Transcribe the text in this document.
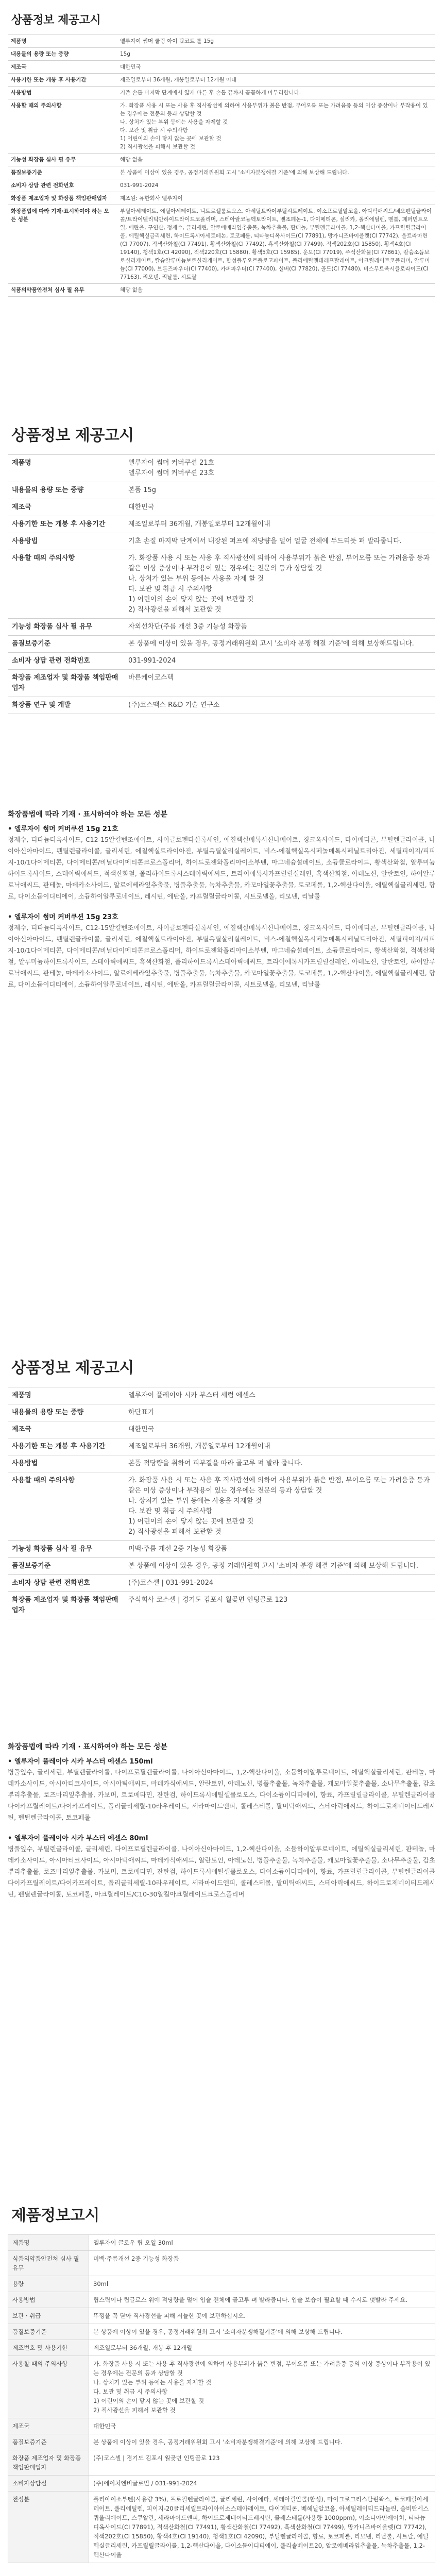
상품정보 제공고시
제품명	엘루자이 썸머 쿨링 아이 탑코트 롤 15g
내용물의 용량 또는 중량	15g
제조국	대한민국
사용기한 또는 개봉 후 사용기간	제조일로부터 36개월, 개봉일로부터 12개월 이내
사용방법	기존 손톱 마지막 단계에서 얇게 바른 후 손톱 끝까지 꼼꼼하게 마무리합니다.
사용할 때의 주의사항	가. 화장품 사용 시 또는 사용 후 직사광선에 의하여 사용부위가 붉은 반점, 부어오름 또는 가려움증 등의 이상 증상이나 부작용이 있는 경우에는 전문의 등과 상담할 것
나. 상처가 있는 부위 등에는 사용을 자제할 것
다. 보관 및 취급 시 주의사항
1) 어린이의 손이 닿지 않는 곳에 보관할 것
2) 직사광선을 피해서 보관할 것
기능성 화장품 심사 필 유무	해당 없음
품질보증기준	본 상품에 이상이 있을 경우, 공정거래위원회 고시 '소비자분쟁해결 기준'에 의해 보상해 드립니다.
소비자 상담 관련 전화번호	031-991-2024
화장품 제조업자 및 화장품 책임판매업자	제조원: 유한회사 엘루자이
화장품법에 따라 기재·표시하여야 하는 모든 성분	부틸아세테이트, 에틸아세테이트, 니트로셀룰로오스, 아세틸트라이부틸시트레이트, 이소프로필알코올, 아디픽애씨드/네오펜틸글라이콜/트라이멜리틱안하이드라이드코폴리머, 스테아랄코늄헥토라이트, 벤조페논-1, 다이메티콘, 실리카, 폴리에틸렌, 멘톨, 페퍼민트오일, 에탄올, 구연산, 정제수, 글리세린, 알로에베라잎추출물, 녹차추출물, 판테놀, 부틸렌글라이콜, 1,2-헥산다이올, 카프릴릴글라이콜, 에틸헥실글리세린, 하이드록시아세토페논, 토코페롤, 티타늄디옥사이드(CI 77891), 망가니즈바이올렛(CI 77742), 울트라마린(CI 77007), 적색산화철(CI 77491), 황색산화철(CI 77492), 흑색산화철(CI 77499), 적색202호(CI 15850), 황색4호(CI 19140), 청색1호(CI 42090), 적색220호(CI 15880), 황색5호(CI 15985), 운모(CI 77019), 주석산화물(CI 77861), 칼슘소듐보로실리케이트, 칼슘알루미늄보로실리케이트, 합성플루오르플로고파이트, 폴리에틸렌테레프탈레이트, 아크릴레이트코폴리머, 알루미늄(CI 77000), 브론즈파우더(CI 77400), 카퍼파우더(CI 77400), 실버(CI 77820), 골드(CI 77480), 비스무트옥시클로라이드(CI 77163), 리모넨, 리날룰, 시트랄
식품의약품안전처 심사 필 유무	해당 없음
상품정보 제공고시
제품명	엘루자이 썸머 커버쿠션 21호
엘루자이 썸머 커버쿠션 23호
내용물의 용량 또는 중량	본품 15g
제조국	대한민국
사용기한 또는 개봉 후 사용기간	제조일로부터 36개월, 개봉일로부터 12개월이내
사용방법	기초 손질 마지막 단계에서 내장된 퍼프에 적당량을 덜어 얼굴 전체에 두드리듯 펴 발라줍니다.
사용할 때의 주의사항	가. 화장품 사용 시 또는 사용 후 직사광선에 의하여 사용부위가 붉은 반점, 부어오름 또는 가려움증 등과 같은 이상 증상이나 부작용이 있는 경우에는 전문의 등과 상담할 것
나. 상처가 있는 부위 등에는 사용을 자제 할 것
다. 보관 및 취급 시 주의사항
1) 어린이의 손이 닿지 않는 곳에 보관할 것
2) 직사광선을 피해서 보관할 것
기능성 화장품 심사 필 유무	자외선차단(주름 개선 3중 기능성 화장품
품질보증기준	본 상품에 이상이 있을 경우, 공정거래위원회 고시 '소비자 분쟁 해결 기준'에 의해 보상해드립니다.
소비자 상담 관련 전화번호	031-991-2024
화장품 제조업자 및 화장품 책임판매업자	바른케이코스텍
화장품 연구 및 개발	(주)코스맥스 R&D 기술 연구소
화장품법에 따라 기재 · 표시하여야 하는 모든 성분
• 엘루자이 썸머 커버쿠션 15g 21호
정제수, 티타늄디옥사이드, C12-15알킬벤조에이트, 사이클로펜타실록세인, 에칠헥실메톡시신나메이트, 징크옥사이드, 다이메티콘, 부틸렌글라이콜, 나이아신아마이드, 펜틸렌글라이콜, 글리세린, 에칠헥실트라이아진, 부틸옥틸살리실레이트, 비스-에칠헥실옥시페놀메톡시페닐트리아진, 세틸피이지/피피지-10/1다이메티콘, 다이메티콘/비닐다이메티콘크로스폴리머, 하이드로젠화폴리아이소부텐, 마그네슘설페이트, 소듐클로라이드, 황색산화철, 알루미늄하이드록사이드, 스테아릭애씨드, 적색산화철, 폴리하이드록시스테아릭애씨드, 트라이에톡시카프릴릴실레인, 흑색산화철, 아데노신, 알란토인, 하이알루로닉애씨드, 판테놀, 마데카소사이드, 알로에베라잎추출물, 병풀추출물, 녹차추출물, 카모마일꽃추출물, 토코페롤, 1,2-헥산다이올, 에틸헥실글리세린, 향료, 다이소듐이디티에이, 소듐하이알루로네이트, 레시틴, 에탄올, 카프릴릴글라이콜, 시트로넬올, 리모넨, 리날룰
• 엘루자이 썸머 커버쿠션 15g 23호
정제수, 티타늄디옥사이드, C12-15알킬벤조에이트, 사이클로펜타실록세인, 에칠헥실메톡시신나메이트, 징크옥사이드, 다이메티콘, 부틸렌글라이콜, 나이아신아마이드, 펜틸렌글라이콜, 글리세린, 에칠헥실트라이아진, 부틸옥틸살리실레이트, 비스-에칠헥실옥시페놀메톡시페닐트리아진, 세틸피이지/피피지-10/1다이메티콘, 다이메티콘/비닐다이메티콘크로스폴리머, 하이드로젠화폴리아이소부텐, 마그네슘설페이트, 소듐클로라이드, 황색산화철, 적색산화철, 알루미늄하이드록사이드, 스테아릭애씨드, 흑색산화철, 폴리하이드록시스테아릭애씨드, 트라이에톡시카프릴릴실레인, 아데노신, 알란토인, 하이알루로닉애씨드, 판테놀, 마데카소사이드, 알로에베라잎추출물, 병풀추출물, 녹차추출물, 카모마일꽃추출물, 토코페롤, 1,2-헥산다이올, 에틸헥실글리세린, 향료, 다이소듐이디티에이, 소듐하이알루로네이트, 레시틴, 에탄올, 카프릴릴글라이콜, 시트로넬올, 리모넨, 리날룰
상품정보 제공고시
제품명	엘루자이 플레이아 시카 부스터 세럼 에센스
내용물의 용량 또는 중량	하단표기
제조국	대한민국
사용기한 또는 개봉 후 사용기간	제조일로부터 36개월, 개봉일로부터 12개월이내
사용방법	본품 적당량을 취하여 피부결을 따라 골고루 펴 발라 줍니다.
사용할 때의 주의사항	가. 화장품 사용 시 또는 사용 후 직사광선에 의하여 사용부위가 붉은 반점, 부어오름 또는 가려움증 등과 같은 이상 증상이나 부작용이 있는 경우에는 전문의 등과 상담할 것
나. 상처가 있는 부위 등에는 사용을 자제할 것
다. 보관 및 취급 시 주의사항
1) 어린이의 손이 닿지 않는 곳에 보관할 것
2) 직사광선을 피해서 보관할 것
기능성 화장품 심사 필 유무	미백·주름 개선 2중 기능성 화장품
품질보증기준	본 상품에 이상이 있을 경우, 공정 거래위원회 고시 '소비자 분쟁 해결 기준'에 의해 보상해 드립니다.
소비자 상담 관련 전화번호	(주)코스셀 | 031-991-2024
화장품 제조업자 및 화장품 책임판매업자	주식회사 코스셀 | 경기도 김포시 월곶면 인팅골로 123
화장품법에 따라 기재 · 표시하여야 하는 모든 성분
• 엘루자이 플레이아 시카 부스터 에센스 150ml
병풀잎수, 글리세린, 부틸렌글라이콜, 다이프로필렌글라이콜, 나이아신아마이드, 1,2-헥산다이올, 소듐하이알루로네이트, 에틸헥실글리세린, 판테놀, 마데카소사이드, 아시아티코사이드, 아시아틱애씨드, 마데카식애씨드, 알란토인, 아데노신, 병풀추출물, 녹차추출물, 캐모마일꽃추출물, 소나무추출물, 감초뿌리추출물, 로즈마리잎추출물, 카보머, 트로메타민, 잔탄검, 하이드록시에틸셀룰로오스, 다이소듐이디티에이, 향료, 카프릴릴글라이콜, 부틸렌글라이콜다이카프릴레이트/다이카프레이트, 폴리글리세릴-10라우레이트, 세라마이드엔피, 콜레스테롤, 팔미틱애씨드, 스테아릭애씨드, 하이드로제네이티드레시틴, 펜틸렌글라이콜, 토코페롤
• 엘루자이 플레이아 시카 부스터 에센스 80ml
병풀잎수, 부틸렌글라이콜, 글리세린, 다이프로필렌글라이콜, 나이아신아마이드, 1,2-헥산다이올, 소듐하이알루로네이트, 에틸헥실글리세린, 판테놀, 마데카소사이드, 아시아티코사이드, 아시아틱애씨드, 마데카식애씨드, 알란토인, 아데노신, 병풀추출물, 녹차추출물, 캐모마일꽃추출물, 소나무추출물, 감초뿌리추출물, 로즈마리잎추출물, 카보머, 트로메타민, 잔탄검, 하이드록시에틸셀룰로오스, 다이소듐이디티에이, 향료, 카프릴릴글라이콜, 부틸렌글라이콜다이카프릴레이트/다이카프레이트, 폴리글리세릴-10라우레이트, 세라마이드엔피, 콜레스테롤, 팔미틱애씨드, 스테아릭애씨드, 하이드로제네이티드레시틴, 펜틸렌글라이콜, 토코페롤, 아크릴레이트/C10-30알킬아크릴레이트크로스폴리머
제품정보고시
제품명	엘루자이 글로우 립 오일 30ml
식품의약품안전처 심사 필 유무	미백·주름개선 2중 기능성 화장품
용량	30ml
사용방법	립스틱이나 립글로스 위에 적당량을 덜어 입술 전체에 골고루 펴 발라줍니다. 입술 보습이 필요할 때 수시로 덧발라 주세요.
보관 · 취급	뚜껑을 꼭 닫아 직사광선을 피해 서늘한 곳에 보관하십시오.
품질보증기준	본 상품에 이상이 있을 경우, 공정거래위원회 고시 '소비자분쟁해결기준'에 의해 보상해 드립니다.
제조번호 및 사용기한	제조일로부터 36개월, 개봉 후 12개월
사용할 때의 주의사항	가. 화장품 사용 시 또는 사용 후 직사광선에 의하여 사용부위가 붉은 반점, 부어오름 또는 가려움증 등의 이상 증상이나 부작용이 있는 경우에는 전문의 등과 상담할 것
나. 상처가 있는 부위 등에는 사용을 자제할 것
다. 보관 및 취급 시 주의사항
1) 어린이의 손이 닿지 않는 곳에 보관할 것
2) 직사광선을 피해서 보관할 것
제조국	대한민국
품질보증기준	본 상품에 이상이 있을 경우, 공정거래위원회 고시 '소비자분쟁해결기준'에 의해 보상해 드립니다.
화장품 제조업자 및 화장품 책임판매업자	(주)코스셀 | 경기도 김포시 월곶면 인팅골로 123
소비자상담실	(주)에이치엔비글로벌 / 031-991-2024
전성분	폴리아이소부텐(사용량 3%), 프로필렌글라이콜, 글리세린, 사이에타, 세테아릴알콜(합성), 마이크로크리스탈린왁스, 토코페릴아세테이트, 폴리에틸렌, 피이지-20글리세릴트라이아이소스테아레이트, 다이메티콘, 베헤닐알코올, 아세틸레이티드라놀린, 솔비탄세스퀴올리에이트, 스쿠알란, 세라마이드엔피, 하이드로제네이티드레시틴, 콜레스테롤(사용량 1000ppm), 이소디아민에이치, 티타늄디옥사이드(CI 77891), 적색산화철(CI 77491), 황색산화철(CI 77492), 흑색산화철(CI 77499), 망가니즈바이올렛(CI 77742), 적색202호(CI 15850), 황색4호(CI 19140), 청색1호(CI 42090), 부틸렌글라이콜, 향료, 토코페롤, 리모넨, 리날룰, 시트랄, 에틸헥실글리세린, 카프릴릴글라이콜, 1,2-헥산다이올, 다이소듐이디티에이, 폴리솔베이트20, 알로에베라잎추출물, 녹차추출물, 1,2-헥산다이올
